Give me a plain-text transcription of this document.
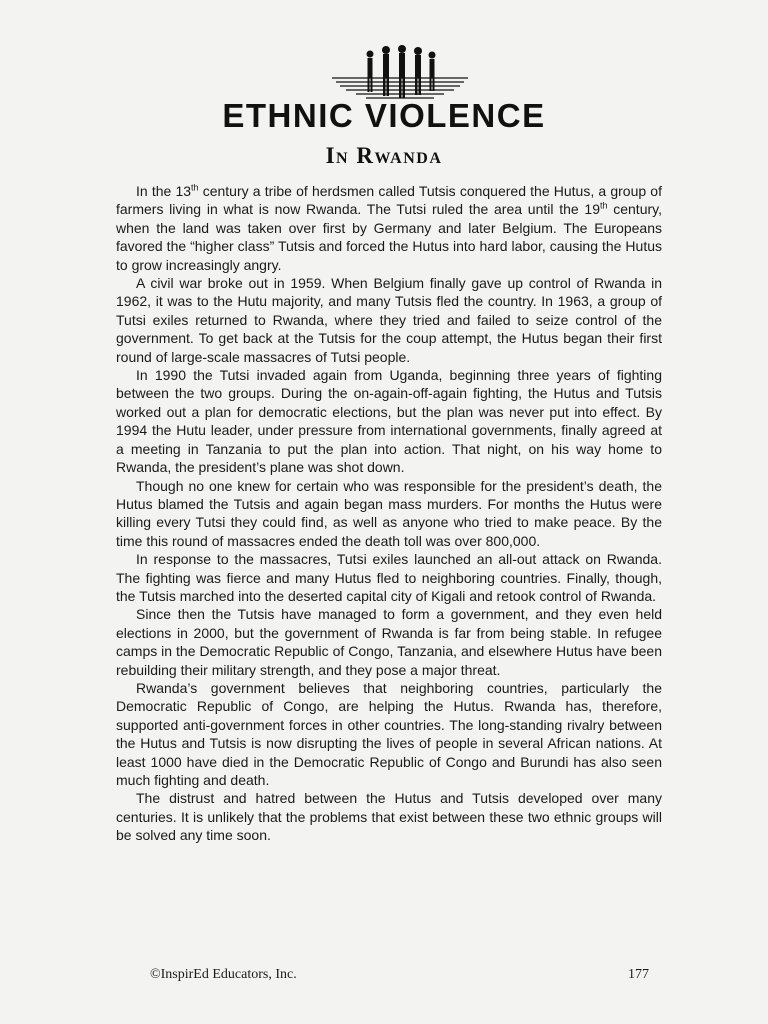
ETHNIC VIOLENCE
In Rwanda

In the 13th century a tribe of herdsmen called Tutsis conquered the Hutus, a group of farmers living in what is now Rwanda. The Tutsi ruled the area until the 19th century, when the land was taken over first by Germany and later Belgium. The Europeans favored the “higher class” Tutsis and forced the Hutus into hard labor, causing the Hutus to grow increasingly angry.

A civil war broke out in 1959. When Belgium finally gave up control of Rwanda in 1962, it was to the Hutu majority, and many Tutsis fled the country. In 1963, a group of Tutsi exiles returned to Rwanda, where they tried and failed to seize control of the government. To get back at the Tutsis for the coup attempt, the Hutus began their first round of large-scale massacres of Tutsi people.

In 1990 the Tutsi invaded again from Uganda, beginning three years of fighting between the two groups. During the on-again-off-again fighting, the Hutus and Tutsis worked out a plan for democratic elections, but the plan was never put into effect. By 1994 the Hutu leader, under pressure from international governments, finally agreed at a meeting in Tanzania to put the plan into action. That night, on his way home to Rwanda, the president’s plane was shot down.

Though no one knew for certain who was responsible for the president’s death, the Hutus blamed the Tutsis and again began mass murders. For months the Hutus were killing every Tutsi they could find, as well as anyone who tried to make peace. By the time this round of massacres ended the death toll was over 800,000.

In response to the massacres, Tutsi exiles launched an all-out attack on Rwanda. The fighting was fierce and many Hutus fled to neighboring countries. Finally, though, the Tutsis marched into the deserted capital city of Kigali and retook control of Rwanda.

Since then the Tutsis have managed to form a government, and they even held elections in 2000, but the government of Rwanda is far from being stable. In refugee camps in the Democratic Republic of Congo, Tanzania, and elsewhere Hutus have been rebuilding their military strength, and they pose a major threat.

Rwanda’s government believes that neighboring countries, particularly the Democratic Republic of Congo, are helping the Hutus. Rwanda has, therefore, supported anti-government forces in other countries. The long-standing rivalry between the Hutus and Tutsis is now disrupting the lives of people in several African nations. At least 1000 have died in the Democratic Republic of Congo and Burundi has also seen much fighting and death.

The distrust and hatred between the Hutus and Tutsis developed over many centuries. It is unlikely that the problems that exist between these two ethnic groups will be solved any time soon.

©InspirEd Educators, Inc.	177
